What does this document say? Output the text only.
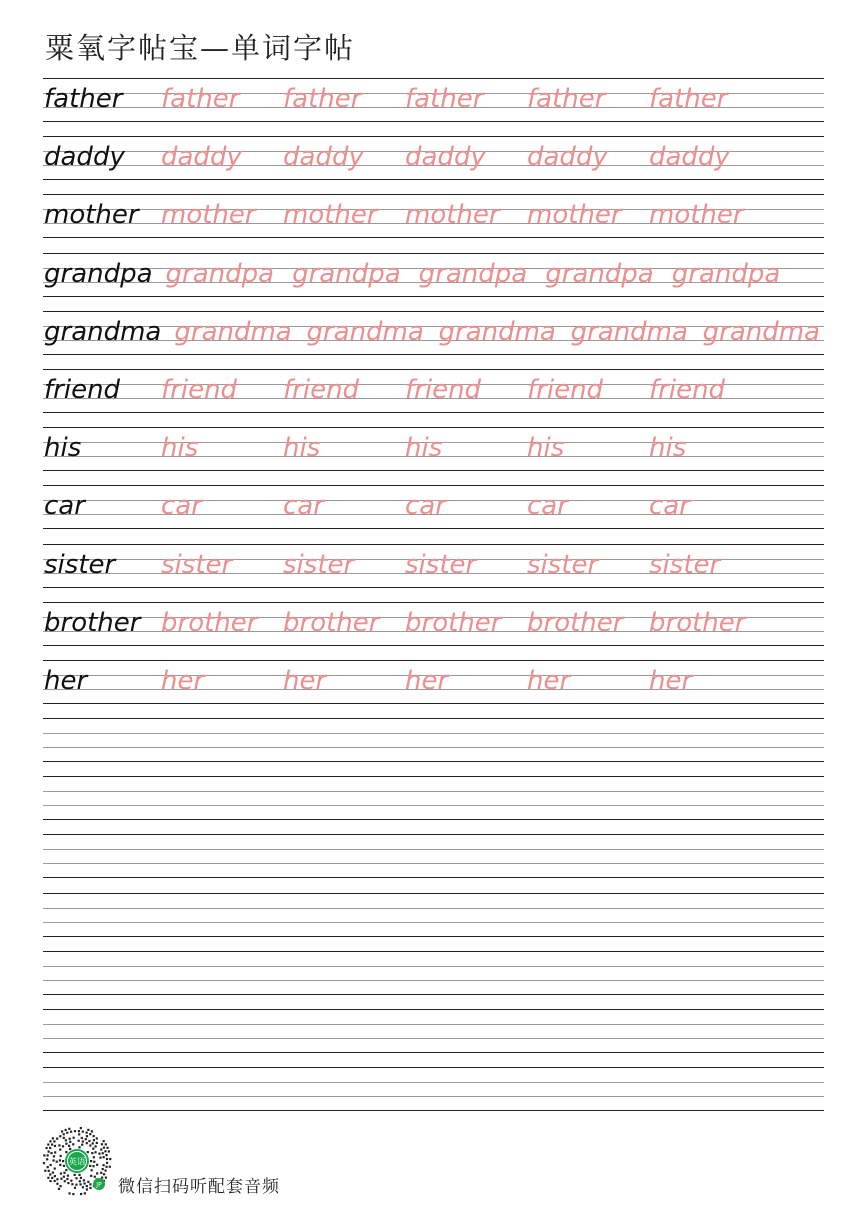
粟氧字帖宝—单词字帖
father father father father father father
daddy daddy daddy daddy daddy daddy
mother mother mother mother mother mother
grandpa grandpa grandpa grandpa grandpa grandpa
grandma grandma grandma grandma grandma grandma
friend friend friend friend friend friend
his	his	his	his	his	his
car	car	car	car	car	car
sister sister sister sister sister sister
brother brother brother brother brother brother
her	her	her	her	her	her
英语
JP 微信扫码听配套音频
